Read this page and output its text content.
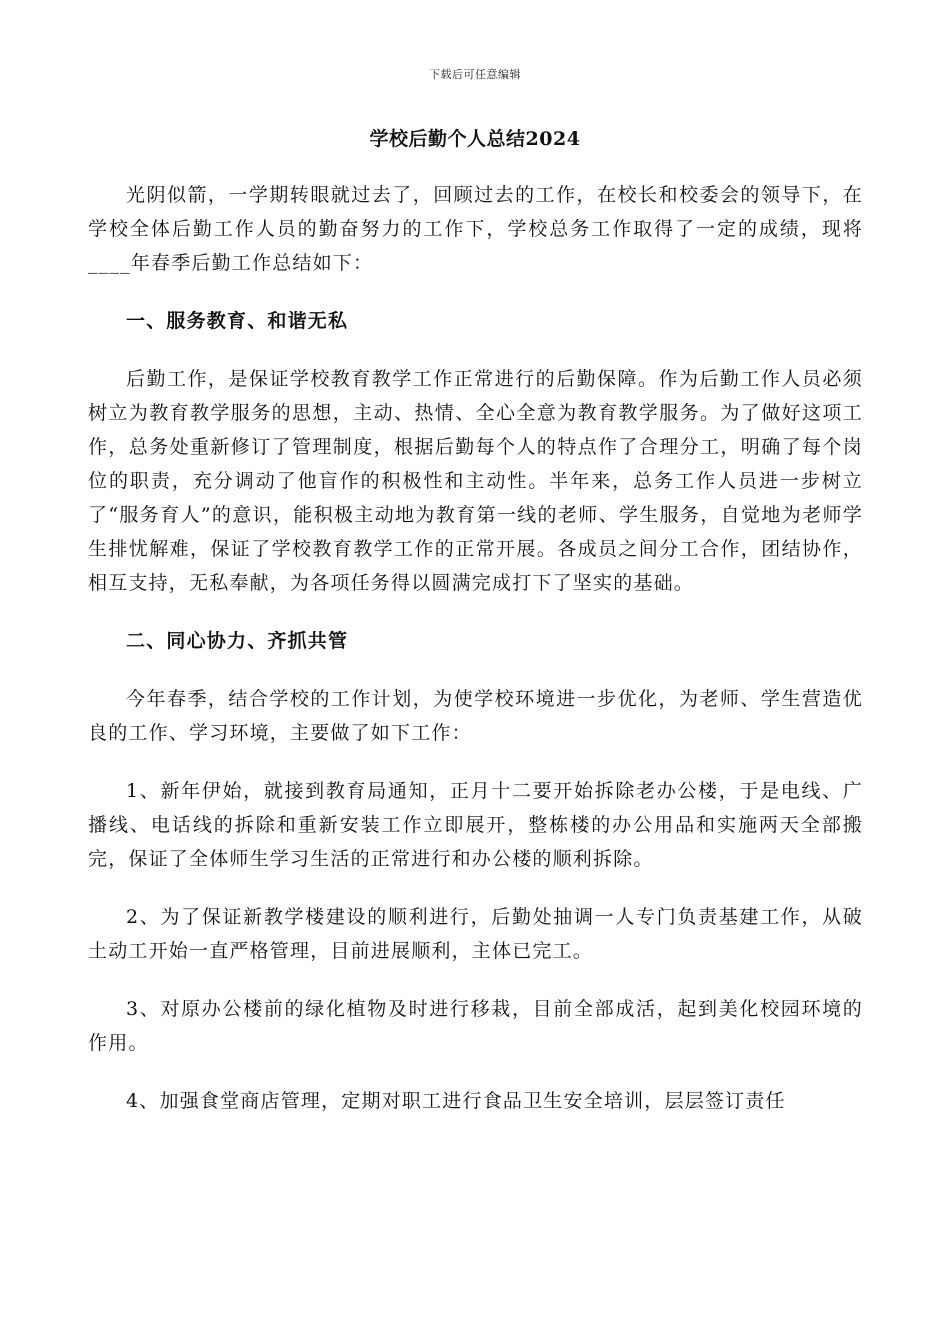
下载后可任意编辑
学校后勤个人总结2024

光阴似箭，一学期转眼就过去了，回顾过去的工作，在校长和校委会的领导下，在学校全体后勤工作人员的勤奋努力的工作下，学校总务工作取得了一定的成绩，现将____年春季后勤工作总结如下：

一、服务教育、和谐无私

后勤工作，是保证学校教育教学工作正常进行的后勤保障。作为后勤工作人员必须树立为教育教学服务的思想，主动、热情、全心全意为教育教学服务。为了做好这项工作，总务处重新修订了管理制度，根据后勤每个人的特点作了合理分工，明确了每个岗位的职责，充分调动了他盲作的积极性和主动性。半年来，总务工作人员进一步树立了“服务育人”的意识，能积极主动地为教育第一线的老师、学生服务，自觉地为老师学生排忧解难，保证了学校教育教学工作的正常开展。各成员之间分工合作，团结协作，相互支持，无私奉献，为各项任务得以圆满完成打下了坚实的基础。

二、同心协力、齐抓共管

今年春季，结合学校的工作计划，为使学校环境进一步优化，为老师、学生营造优良的工作、学习环境，主要做了如下工作：

1、新年伊始，就接到教育局通知，正月十二要开始拆除老办公楼，于是电线、广播线、电话线的拆除和重新安装工作立即展开，整栋楼的办公用品和实施两天全部搬完，保证了全体师生学习生活的正常进行和办公楼的顺利拆除。

2、为了保证新教学楼建设的顺利进行，后勤处抽调一人专门负责基建工作，从破土动工开始一直严格管理，目前进展顺利，主体已完工。

3、对原办公楼前的绿化植物及时进行移栽，目前全部成活，起到美化校园环境的作用。

4、加强食堂商店管理，定期对职工进行食品卫生安全培训，层层签订责任
